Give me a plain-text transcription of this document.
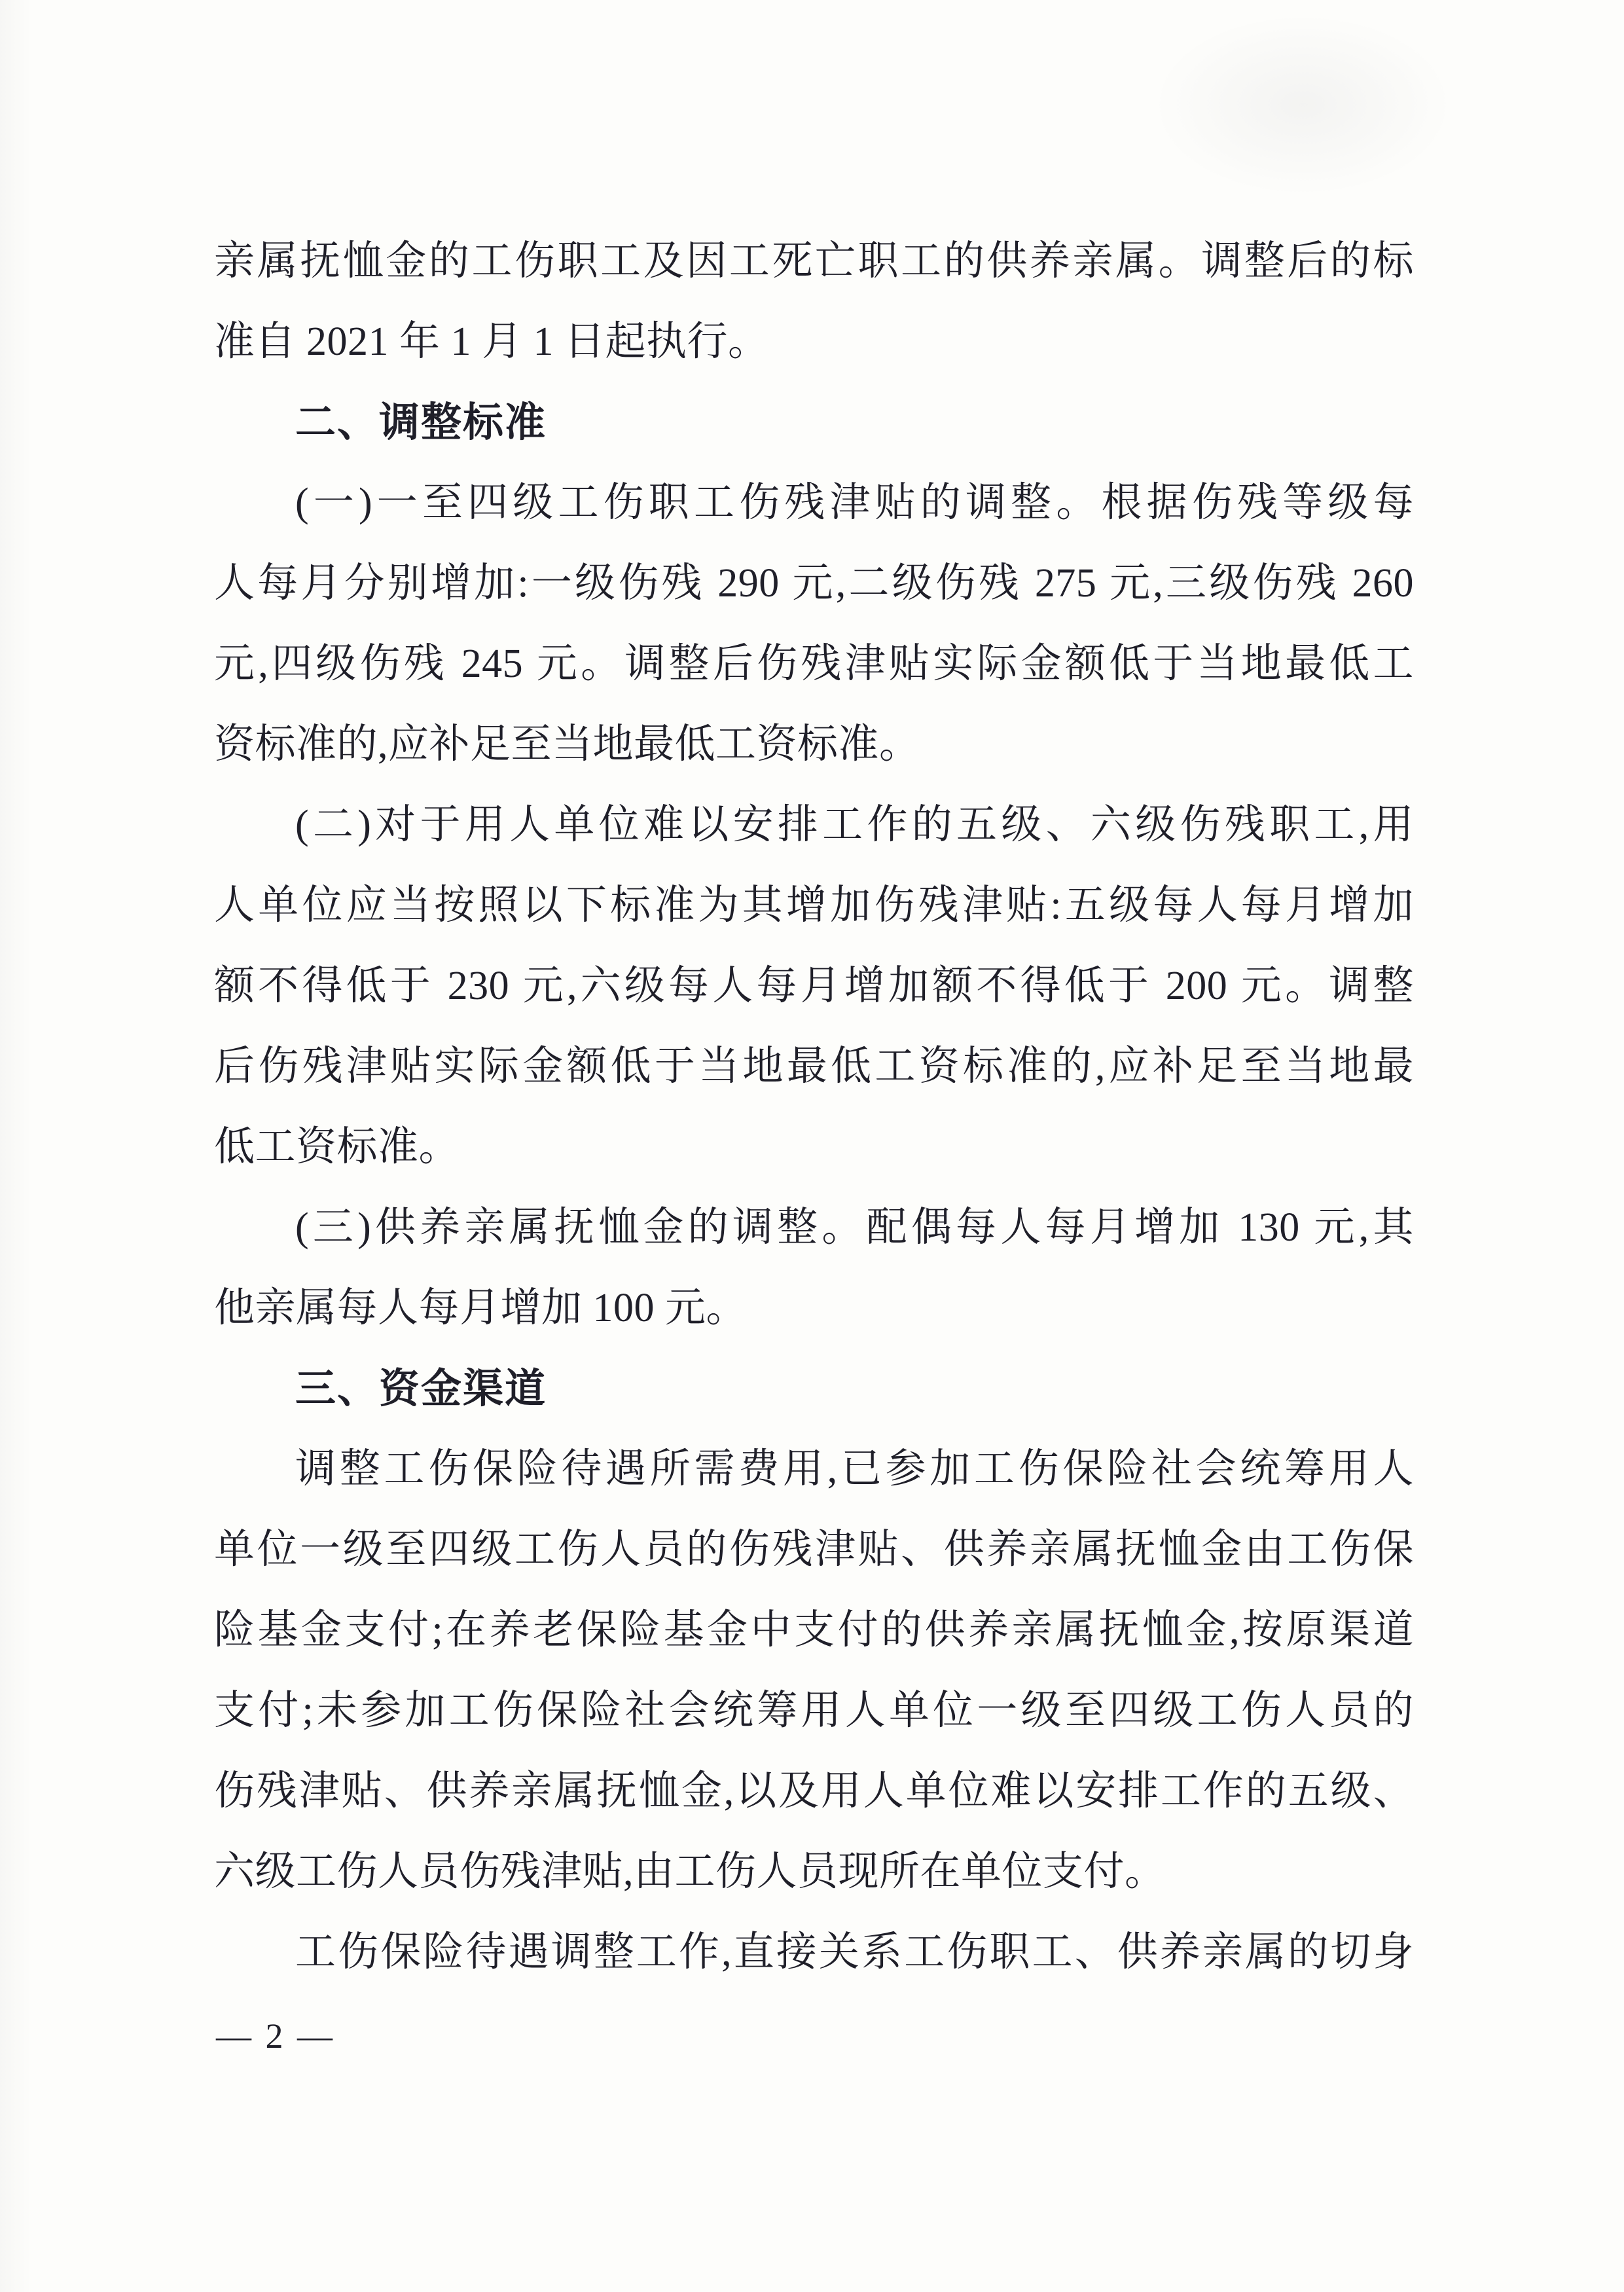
亲属抚恤金的工伤职工及因工死亡职工的供养亲属。调整后的标

准自 2021 年 1 月 1 日起执行。

二、调整标准

(一)一至四级工伤职工伤残津贴的调整。根据伤残等级每

人每月分别增加:一级伤残 290 元,二级伤残 275 元,三级伤残 260

元,四级伤残 245 元。调整后伤残津贴实际金额低于当地最低工

资标准的,应补足至当地最低工资标准。

(二)对于用人单位难以安排工作的五级、六级伤残职工,用

人单位应当按照以下标准为其增加伤残津贴:五级每人每月增加

额不得低于 230 元,六级每人每月增加额不得低于 200 元。调整

后伤残津贴实际金额低于当地最低工资标准的,应补足至当地最

低工资标准。

(三)供养亲属抚恤金的调整。配偶每人每月增加 130 元,其

他亲属每人每月增加 100 元。

三、资金渠道

调整工伤保险待遇所需费用,已参加工伤保险社会统筹用人

单位一级至四级工伤人员的伤残津贴、供养亲属抚恤金由工伤保

险基金支付;在养老保险基金中支付的供养亲属抚恤金,按原渠道

支付;未参加工伤保险社会统筹用人单位一级至四级工伤人员的

伤残津贴、供养亲属抚恤金,以及用人单位难以安排工作的五级、

六级工伤人员伤残津贴,由工伤人员现所在单位支付。

工伤保险待遇调整工作,直接关系工伤职工、供养亲属的切身

— 2 —
